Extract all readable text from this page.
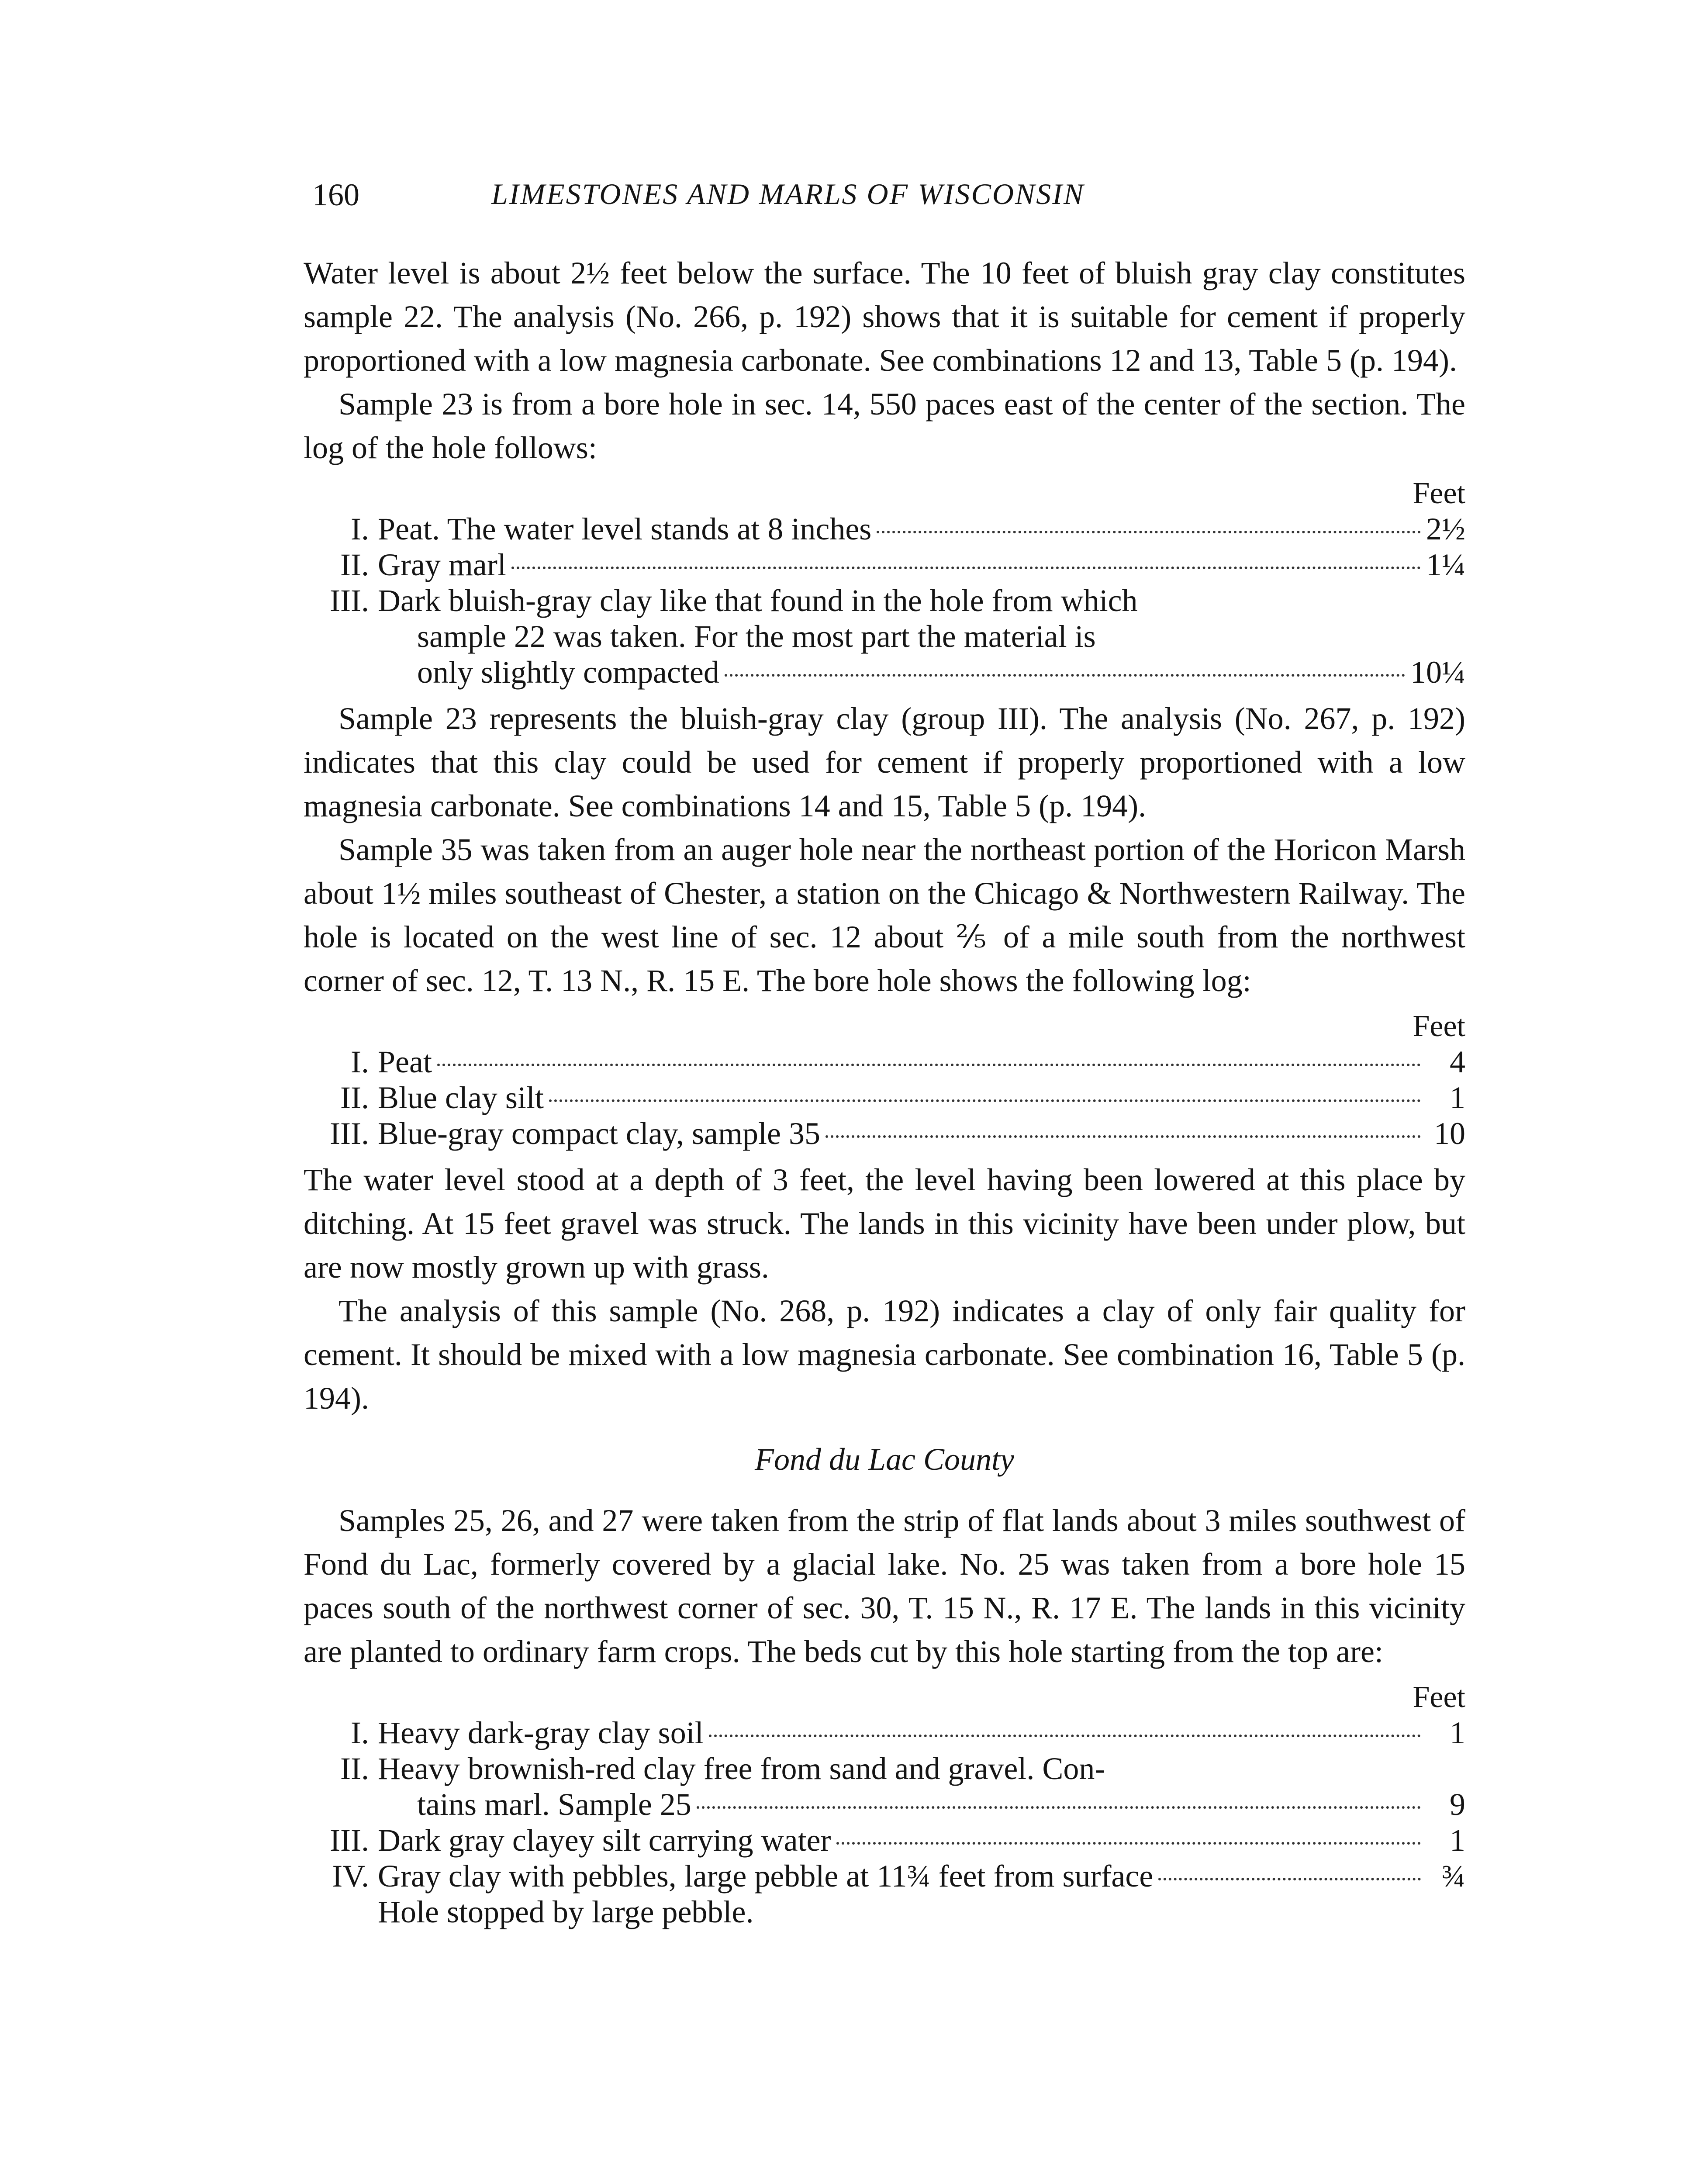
160	LIMESTONES AND MARLS OF WISCONSIN

Water level is about 2½ feet below the surface. The 10 feet of bluish gray clay constitutes sample 22. The analysis (No. 266, p. 192) shows that it is suitable for cement if properly proportioned with a low magnesia carbonate. See combinations 12 and 13, Table 5 (p. 194).

Sample 23 is from a bore hole in sec. 14, 550 paces east of the center of the section. The log of the hole follows:

Feet
I. Peat. The water level stands at 8 inches	2½
II. Gray marl	1¼
III. Dark bluish-gray clay like that found in the hole from which
sample 22 was taken. For the most part the material is
only slightly compacted	10¼

Sample 23 represents the bluish-gray clay (group III). The analysis (No. 267, p. 192) indicates that this clay could be used for cement if properly proportioned with a low magnesia carbonate. See combinations 14 and 15, Table 5 (p. 194).

Sample 35 was taken from an auger hole near the northeast portion of the Horicon Marsh about 1½ miles southeast of Chester, a station on the Chicago & Northwestern Railway. The hole is located on the west line of sec. 12 about ⅖ of a mile south from the northwest corner of sec. 12, T. 13 N., R. 15 E. The bore hole shows the following log:

Feet
I. Peat	4
II. Blue clay silt	1
III. Blue-gray compact clay, sample 35	10

The water level stood at a depth of 3 feet, the level having been lowered at this place by ditching. At 15 feet gravel was struck. The lands in this vicinity have been under plow, but are now mostly grown up with grass.

The analysis of this sample (No. 268, p. 192) indicates a clay of only fair quality for cement. It should be mixed with a low magnesia carbonate. See combination 16, Table 5 (p. 194).

Fond du Lac County

Samples 25, 26, and 27 were taken from the strip of flat lands about 3 miles southwest of Fond du Lac, formerly covered by a glacial lake. No. 25 was taken from a bore hole 15 paces south of the northwest corner of sec. 30, T. 15 N., R. 17 E. The lands in this vicinity are planted to ordinary farm crops. The beds cut by this hole starting from the top are:

Feet
I. Heavy dark-gray clay soil	1
II. Heavy brownish-red clay free from sand and gravel. Con-
tains marl. Sample 25	9
III. Dark gray clayey silt carrying water	1
IV. Gray clay with pebbles, large pebble at 11¾ feet from surface	¾
Hole stopped by large pebble.
